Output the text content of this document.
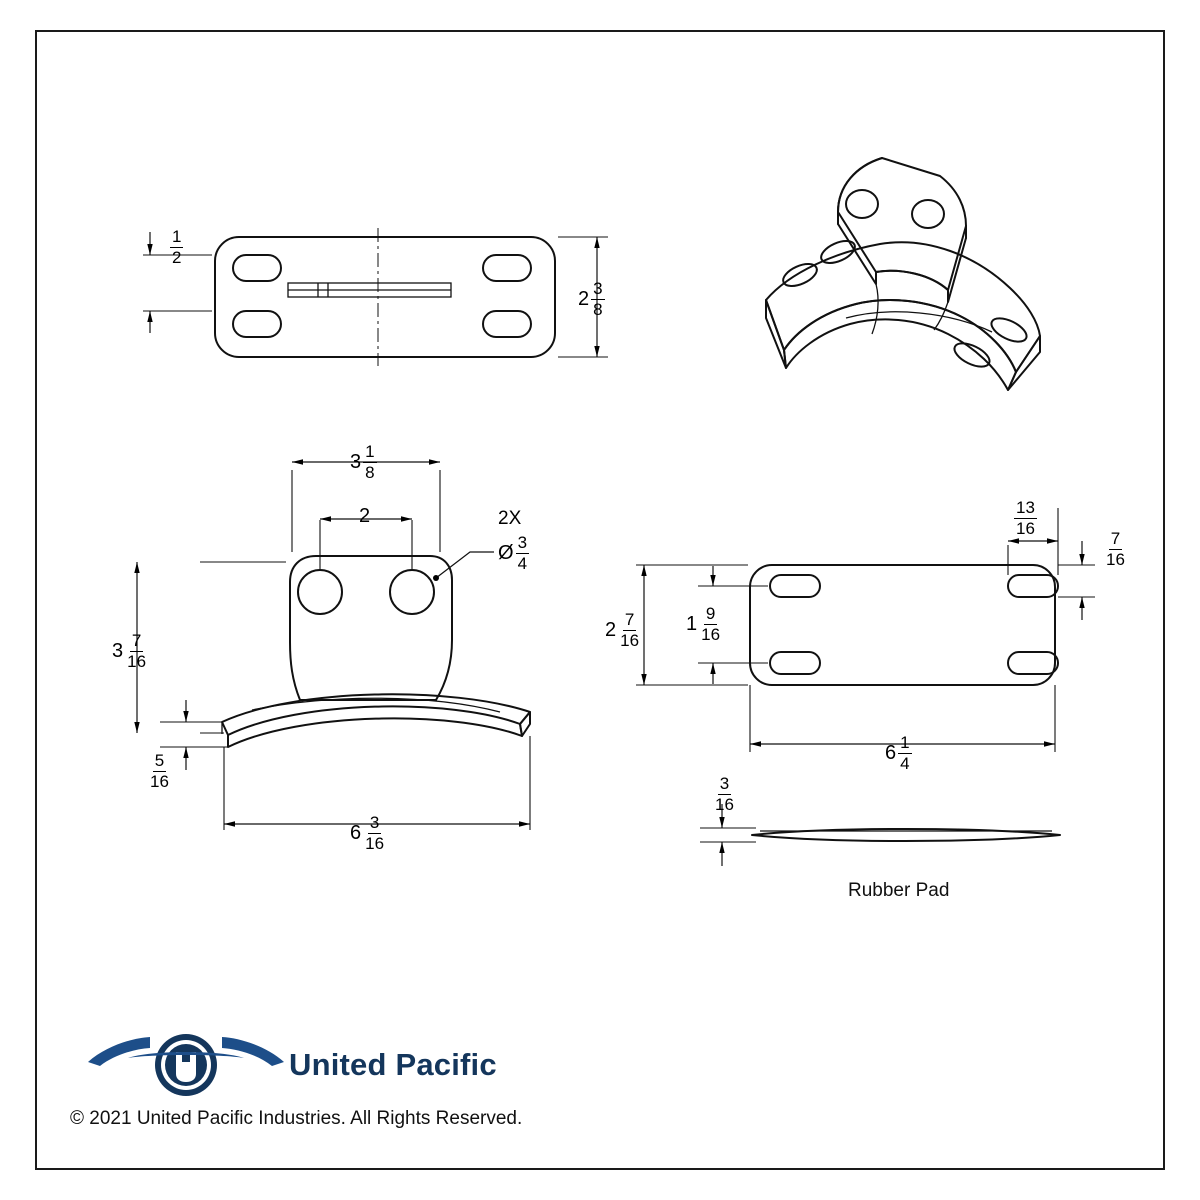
$\frac{1}{2}$
$2 \frac{3}{8}$
$3 \frac{1}{8}$
2	2X
Ø $\frac{3}{4}$
$3 \frac{7}{16}$
$\frac{5}{16}$
$6 \frac{3}{16}$
$\frac{13}{16}$
$\frac{7}{16}$
$2 \frac{7}{16} 1 \frac{9}{16}$
$6 \frac{1}{4}$
$\frac{3}{16}$
Rubber Pad
United Pacific
© 2021 United Pacific Industries. All Rights Reserved.
